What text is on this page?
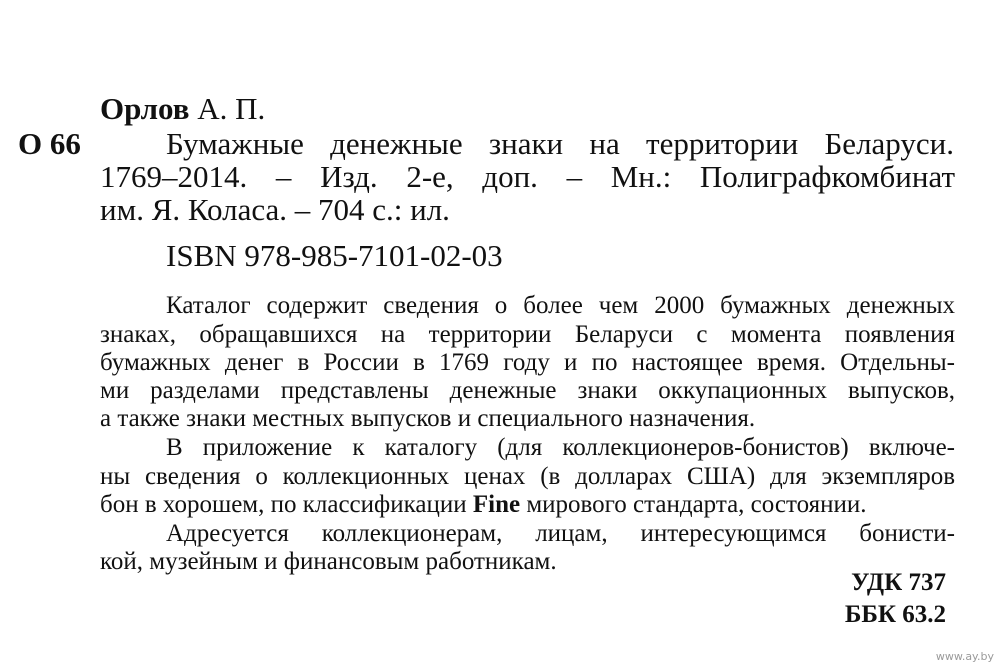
Орлов А. П.
О 66	Бумажные денежные знаки на территории Беларуси.
1769–2014. – Изд. 2-е, доп. – Мн.: Полиграфкомбинат
им. Я. Коласа. – 704 с.: ил.
ISBN 978-985-7101-02-03
Каталог содержит сведения о более чем 2000 бумажных денежных
знаках, обращавшихся на территории Беларуси с момента появления
бумажных денег в России в 1769 году и по настоящее время. Отдельны-
ми разделами представлены денежные знаки оккупационных выпусков,
а также знаки местных выпусков и специального назначения.
В приложение к каталогу (для коллекционеров-бонистов) включе-
ны сведения о коллекционных ценах (в долларах США) для экземпляров
бон в хорошем, по классификации Fine мирового стандарта, состоянии.
Адресуется коллекционерам, лицам, интересующимся бонисти-
кой, музейным и финансовым работникам.
УДК 737
ББК 63.2
www.ay.by
